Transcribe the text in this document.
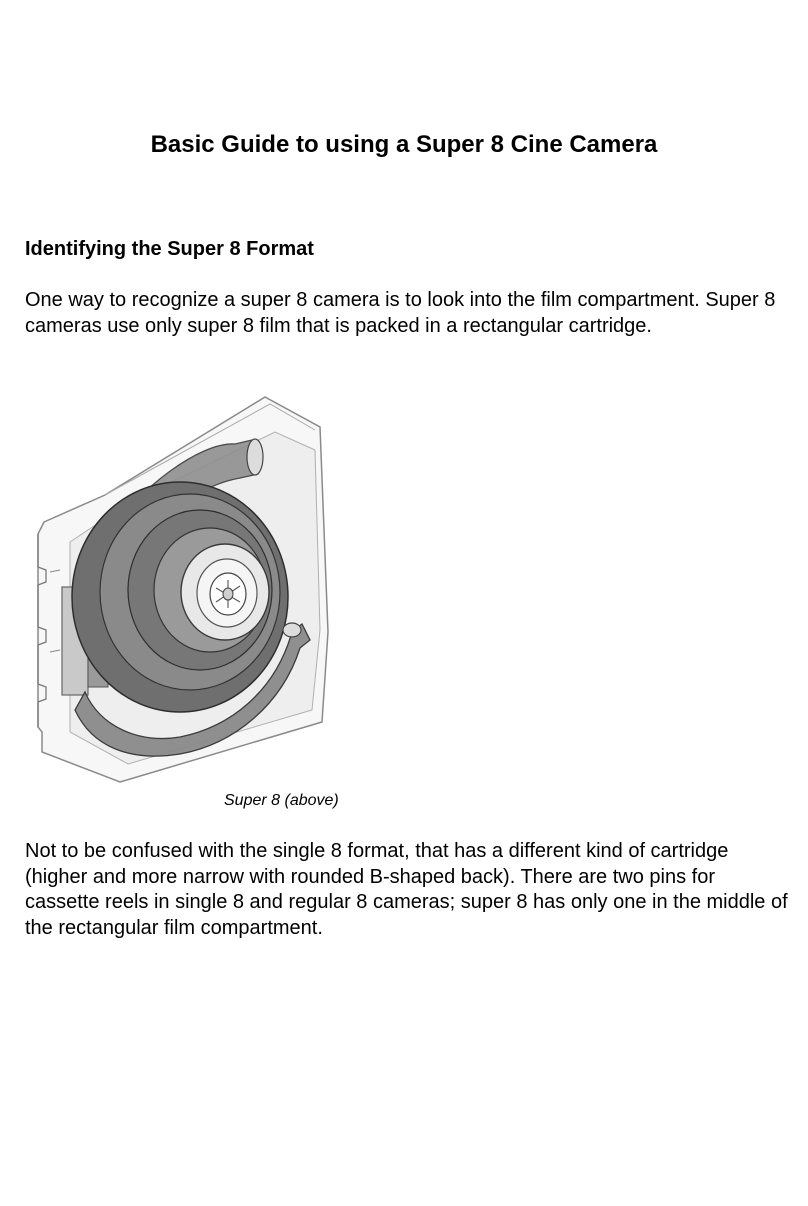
Basic Guide to using a Super 8 Cine Camera
Identifying the Super 8 Format

One way to recognize a super 8 camera is to look into the film compartment. Super 8 cameras use only super 8 film that is packed in a rectangular cartridge.

Super 8 (above)

Not to be confused with the single 8 format, that has a different kind of cartridge (higher and more narrow with rounded B-shaped back). There are two pins for cassette reels in single 8 and regular 8 cameras; super 8 has only one in the middle of the rectangular film compartment.
